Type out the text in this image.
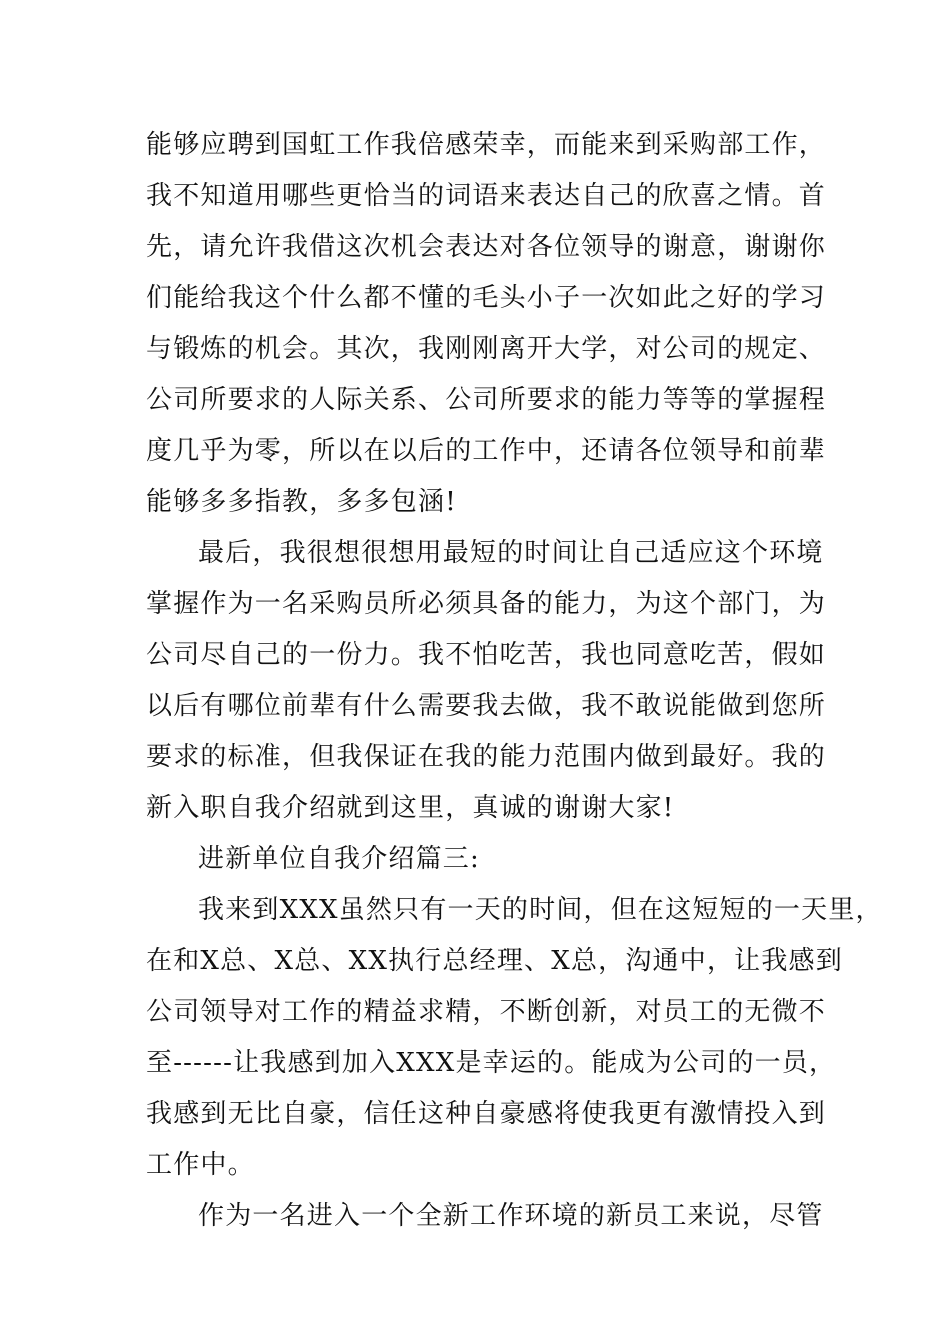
能够应聘到国虹工作我倍感荣幸，而能来到采购部工作，
我不知道用哪些更恰当的词语来表达自己的欣喜之情。首
先，请允许我借这次机会表达对各位领导的谢意，谢谢你
们能给我这个什么都不懂的毛头小子一次如此之好的学习
与锻炼的机会。其次，我刚刚离开大学，对公司的规定、
公司所要求的人际关系、公司所要求的能力等等的掌握程
度几乎为零，所以在以后的工作中，还请各位领导和前辈
能够多多指教，多多包涵!
最后，我很想很想用最短的时间让自己适应这个环境
掌握作为一名采购员所必须具备的能力，为这个部门，为
公司尽自己的一份力。我不怕吃苦，我也同意吃苦，假如
以后有哪位前辈有什么需要我去做，我不敢说能做到您所
要求的标准，但我保证在我的能力范围内做到最好。我的
新入职自我介绍就到这里，真诚的谢谢大家!
进新单位自我介绍篇三:
我来到XXX虽然只有一天的时间，但在这短短的一天里，
在和X总、X总、XX执行总经理、X总，沟通中，让我感到
公司领导对工作的精益求精，不断创新，对员工的无微不
至------让我感到加入XXX是幸运的。能成为公司的一员，
我感到无比自豪，信任这种自豪感将使我更有激情投入到
工作中。
作为一名进入一个全新工作环境的新员工来说，尽管
